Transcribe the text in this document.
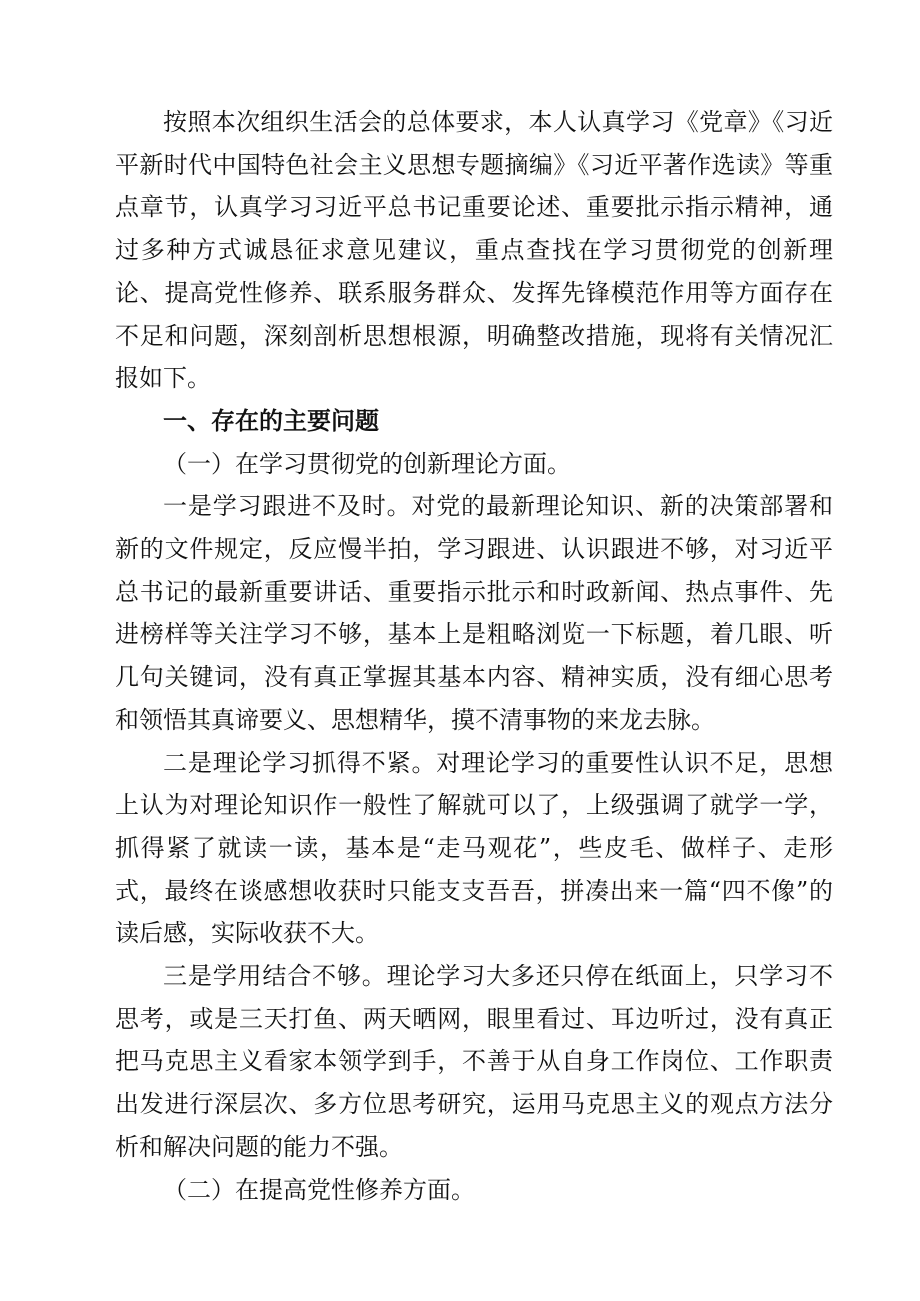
按照本次组织生活会的总体要求，本人认真学习《党章》《习近平新时代中国特色社会主义思想专题摘编》《习近平著作选读》等重点章节，认真学习习近平总书记重要论述、重要批示指示精神，通过多种方式诚恳征求意见建议，重点查找在学习贯彻党的创新理论、提高党性修养、联系服务群众、发挥先锋模范作用等方面存在不足和问题，深刻剖析思想根源，明确整改措施，现将有关情况汇报如下。

一、存在的主要问题

（一）在学习贯彻党的创新理论方面。

一是学习跟进不及时。对党的最新理论知识、新的决策部署和新的文件规定，反应慢半拍，学习跟进、认识跟进不够，对习近平总书记的最新重要讲话、重要指示批示和时政新闻、热点事件、先进榜样等关注学习不够，基本上是粗略浏览一下标题，着几眼、听几句关键词，没有真正掌握其基本内容、精神实质，没有细心思考和领悟其真谛要义、思想精华，摸不清事物的来龙去脉。

二是理论学习抓得不紧。对理论学习的重要性认识不足，思想上认为对理论知识作一般性了解就可以了，上级强调了就学一学，抓得紧了就读一读，基本是“走马观花”，些皮毛、做样子、走形式，最终在谈感想收获时只能支支吾吾，拼凑出来一篇“四不像”的读后感，实际收获不大。

三是学用结合不够。理论学习大多还只停在纸面上，只学习不思考，或是三天打鱼、两天晒网，眼里看过、耳边听过，没有真正把马克思主义看家本领学到手，不善于从自身工作岗位、工作职责出发进行深层次、多方位思考研究，运用马克思主义的观点方法分析和解决问题的能力不强。

（二）在提高党性修养方面。
